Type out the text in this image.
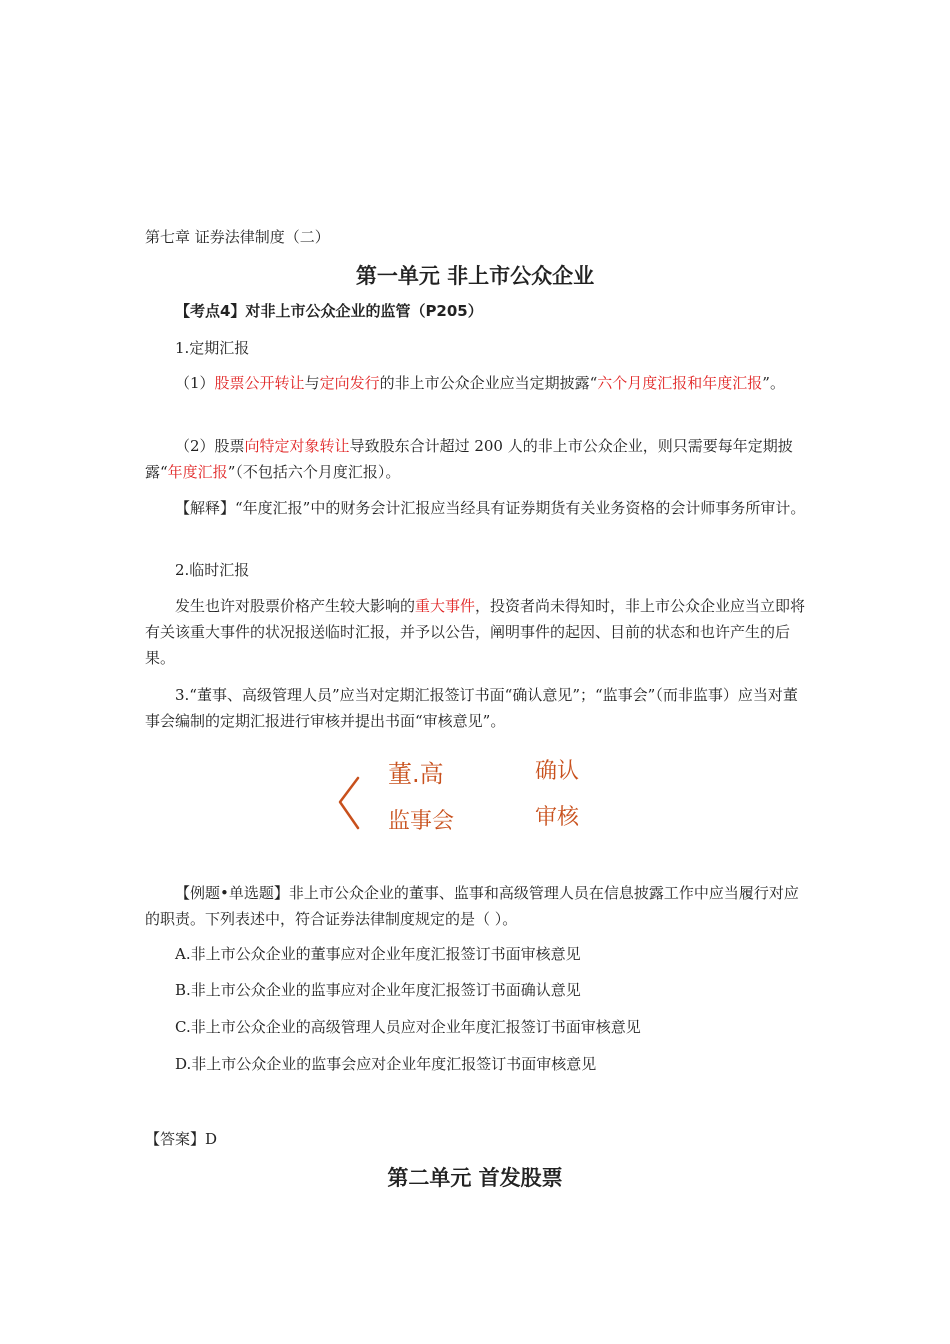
第七章 证券法律制度（二）
第一单元 非上市公众企业
【考点4】对非上市公众企业的监管（P205）
1.定期汇报
（1）股票公开转让与定向发行的非上市公众企业应当定期披露“六个月度汇报和年度汇报”。
（2）股票向特定对象转让导致股东合计超过 200 人的非上市公众企业，则只需要每年定期披露“年度汇报”（不包括六个月度汇报）。
【解释】“年度汇报”中的财务会计汇报应当经具有证券期货有关业务资格的会计师事务所审计。
2.临时汇报
发生也许对股票价格产生较大影响的重大事件，投资者尚未得知时，非上市公众企业应当立即将有关该重大事件的状况报送临时汇报，并予以公告，阐明事件的起因、目前的状态和也许产生的后果。
3.“董事、高级管理人员”应当对定期汇报签订书面“确认意见”；“监事会”（而非监事）应当对董事会编制的定期汇报进行审核并提出书面“审核意见”。
董.高	确认
监事会	审核
【例题•单选题】非上市公众企业的董事、监事和高级管理人员在信息披露工作中应当履行对应的职责。下列表述中，符合证券法律制度规定的是（ ）。
A.非上市公众企业的董事应对企业年度汇报签订书面审核意见
B.非上市公众企业的监事应对企业年度汇报签订书面确认意见
C.非上市公众企业的高级管理人员应对企业年度汇报签订书面审核意见
D.非上市公众企业的监事会应对企业年度汇报签订书面审核意见
【答案】D
第二单元 首发股票
